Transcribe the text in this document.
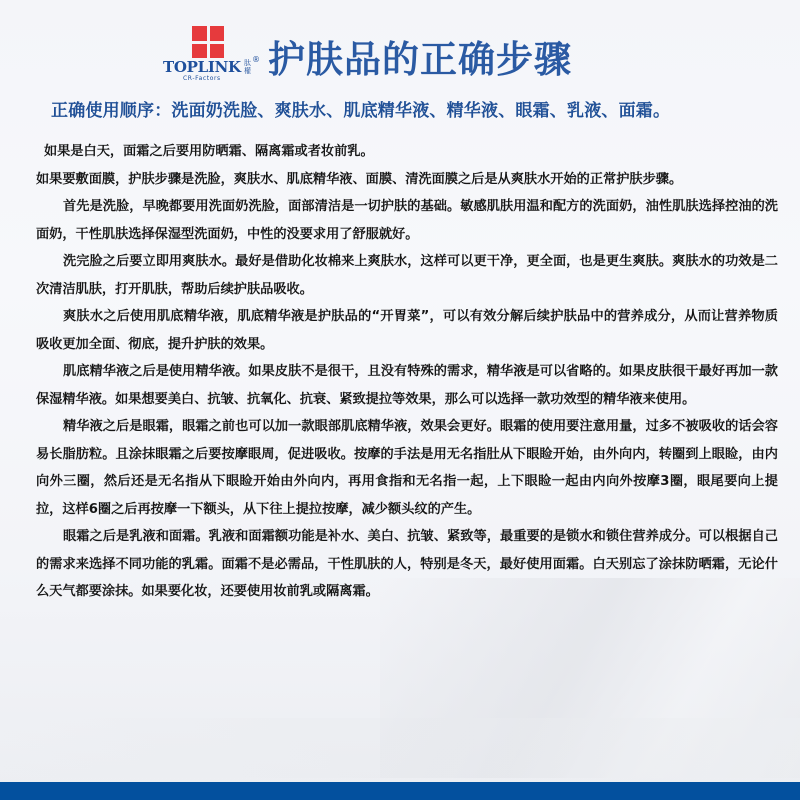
TOPLINK
CR-Factors
肽 權
® 护肤品的正确步骤
正确使用顺序：洗面奶洗脸、爽肤水、肌底精华液、精华液、眼霜、乳液、面霜。

如果是白天，面霜之后要用防晒霜、隔离霜或者妆前乳。

如果要敷面膜，护肤步骤是洗脸，爽肤水、肌底精华液、面膜、清洗面膜之后是从爽肤水开始的正常护肤步骤。

首先是洗脸，早晚都要用洗面奶洗脸，面部清洁是一切护肤的基础。敏感肌肤用温和配方的洗面奶，油性肌肤选择控油的洗面奶，干性肌肤选择保湿型洗面奶，中性的没要求用了舒服就好。

洗完脸之后要立即用爽肤水。最好是借助化妆棉来上爽肤水，这样可以更干净，更全面，也是更生爽肤。爽肤水的功效是二次清洁肌肤，打开肌肤，帮助后续护肤品吸收。

爽肤水之后使用肌底精华液，肌底精华液是护肤品的“开胃菜”，可以有效分解后续护肤品中的营养成分，从而让营养物质吸收更加全面、彻底，提升护肤的效果。

肌底精华液之后是使用精华液。如果皮肤不是很干，且没有特殊的需求，精华液是可以省略的。如果皮肤很干最好再加一款保湿精华液。如果想要美白、抗皱、抗氧化、抗衰、紧致提拉等效果，那么可以选择一款功效型的精华液来使用。

精华液之后是眼霜，眼霜之前也可以加一款眼部肌底精华液，效果会更好。眼霜的使用要注意用量，过多不被吸收的话会容易长脂肪粒。且涂抹眼霜之后要按摩眼周，促进吸收。按摩的手法是用无名指肚从下眼睑开始，由外向内，转圈到上眼睑，由内向外三圈，然后还是无名指从下眼睑开始由外向内，再用食指和无名指一起，上下眼睑一起由内向外按摩3圈，眼尾要向上提拉，这样6圈之后再按摩一下额头，从下往上提拉按摩，减少额头纹的产生。

眼霜之后是乳液和面霜。乳液和面霜额功能是补水、美白、抗皱、紧致等，最重要的是锁水和锁住营养成分。可以根据自己的需求来选择不同功能的乳霜。面霜不是必需品，干性肌肤的人，特别是冬天，最好使用面霜。白天别忘了涂抹防晒霜，无论什么天气都要涂抹。如果要化妆，还要使用妆前乳或隔离霜。
